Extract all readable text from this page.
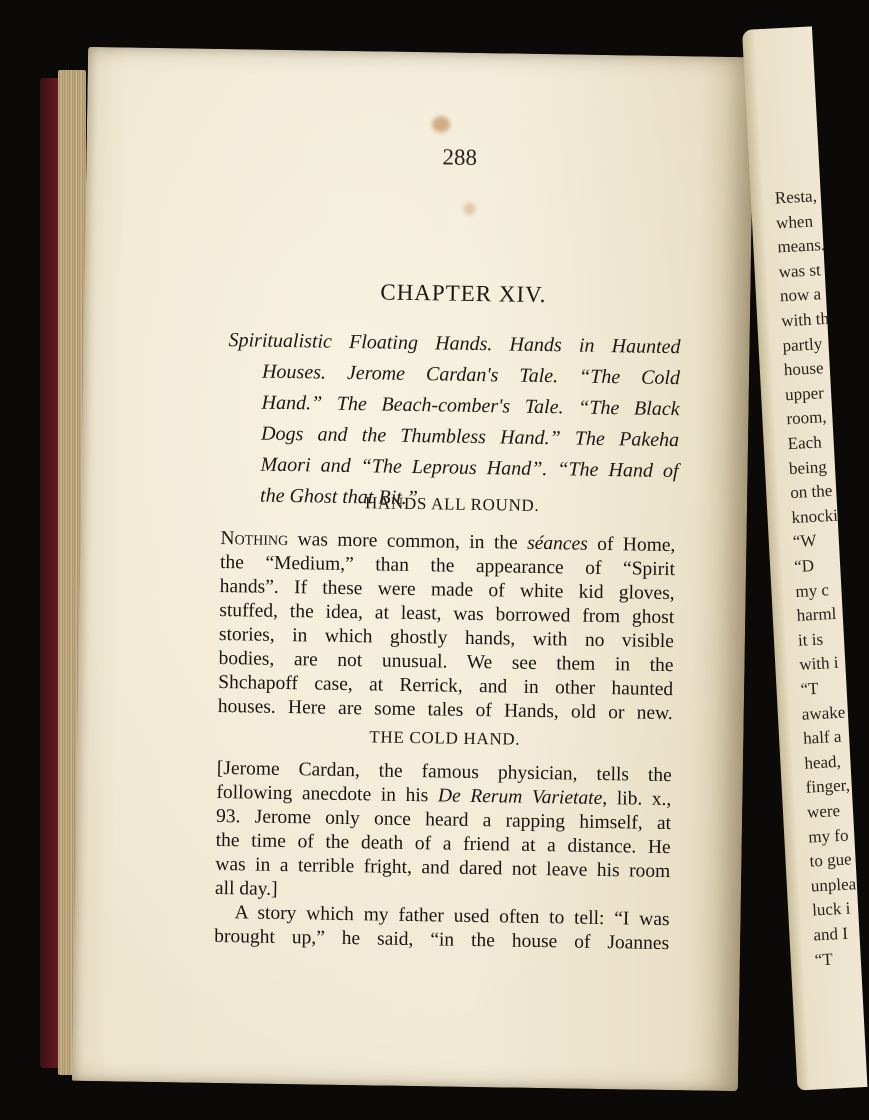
288
CHAPTER XIV.
Spiritualistic Floating Hands. Hands in Haunted
Houses. Jerome Cardan's Tale. “The Cold
Hand.” The Beach-comber's Tale. “The Black
Dogs and the Thumbless Hand.” The Pakeha
Maori and “The Leprous Hand”. “The Hand of
the Ghost that Bit.”
HANDS ALL ROUND.
Nothing was more common, in the séances of Home,
the “Medium,” than the appearance of “Spirit
hands”. If these were made of white kid gloves,
stuffed, the idea, at least, was borrowed from ghost
stories, in which ghostly hands, with no visible
bodies, are not unusual. We see them in the
Shchapoff case, at Rerrick, and in other haunted
houses. Here are some tales of Hands, old or new.
THE COLD HAND.
[Jerome Cardan, the famous physician, tells the
following anecdote in his De Rerum Varietate, lib. x.,
93. Jerome only once heard a rapping himself, at
the time of the death of a friend at a distance. He
was in a terrible fright, and dared not leave his room
all day.]
A story which my father used often to tell: “I was
brought up,” he said, “in the house of Joannes
Resta,
when
means.
was st
now a
with th
partly
house
upper
room,
Each
being
on the
knocki
“W
“D
my c
harml
it is
with i
“T
awake
half a
head,
finger,
were
my fo
to gue
unplea
luck i
and I
“T
